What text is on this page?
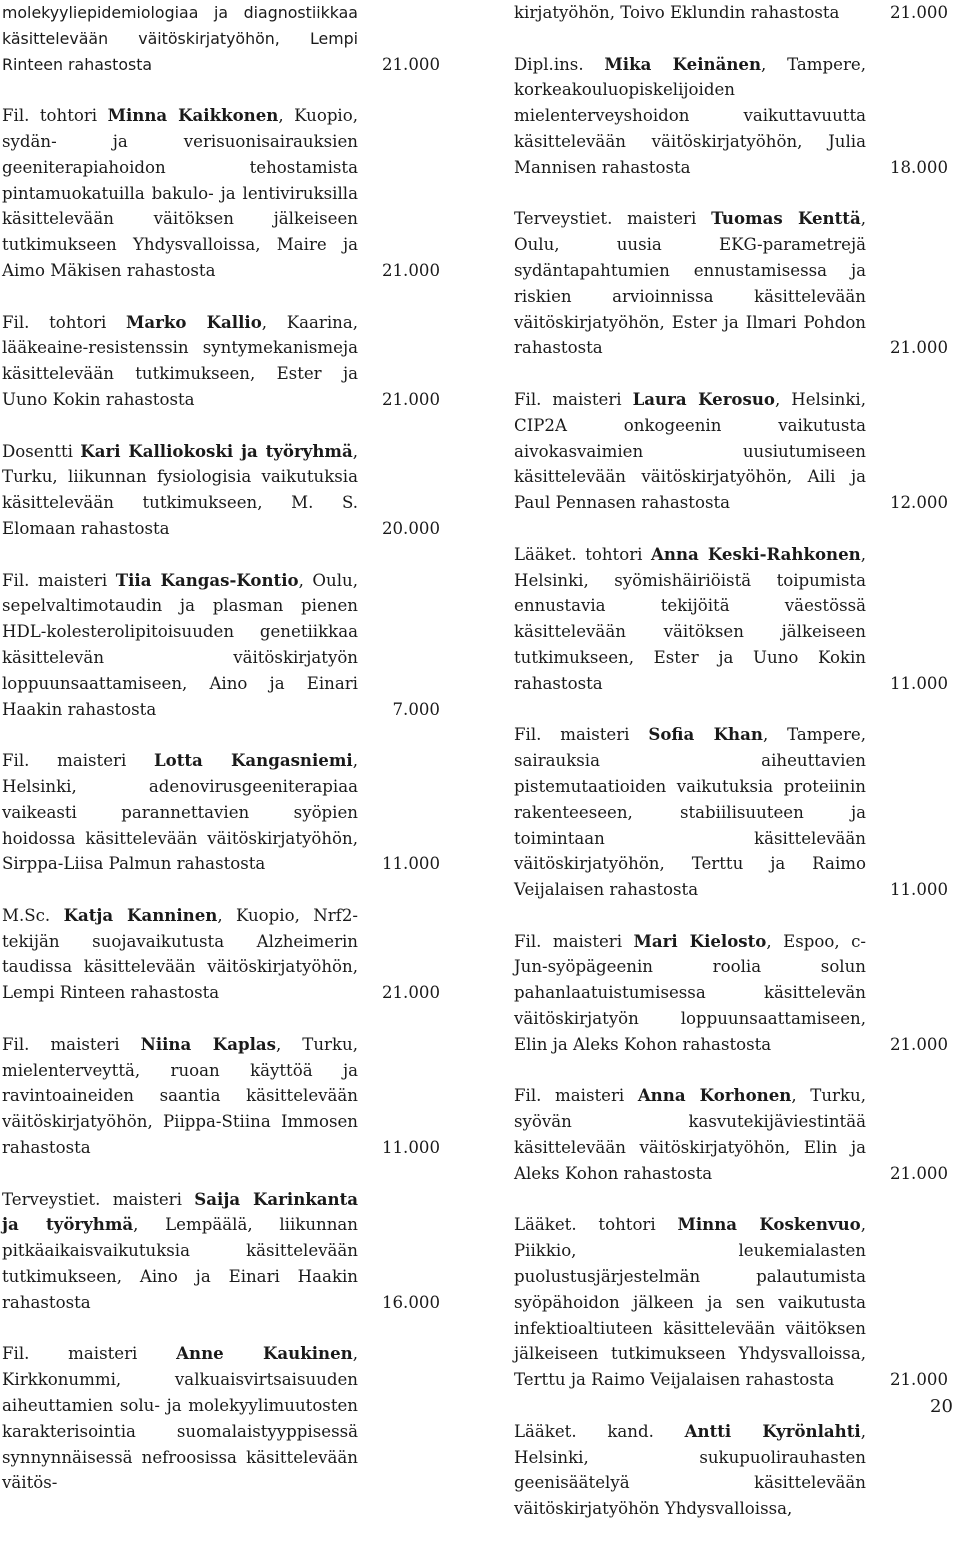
molekyyliepidemiologiaa ja diagnostiikkaa käsittelevään väitöskirjatyöhön, Lempi Rinteen rahastosta	21.000
Fil. tohtori Minna Kaikkonen, Kuopio, sydän- ja verisuonisairauksien geeniterapiahoidon tehostamista pintamuokatuilla bakulo- ja lentiviruksilla käsittelevään väitöksen jälkeiseen tutkimukseen Yhdysvalloissa, Maire ja Aimo Mäkisen rahastosta	21.000
Fil. tohtori Marko Kallio, Kaarina, lääkeaine-resistenssin syntymekanismeja käsittelevään tutkimukseen, Ester ja Uuno Kokin rahastosta	21.000
Dosentti Kari Kalliokoski ja työryhmä, Turku, liikunnan fysiologisia vaikutuksia käsittelevään tutkimukseen, M. S. Elomaan rahastosta	20.000
Fil. maisteri Tiia Kangas-Kontio, Oulu, sepelvaltimotaudin ja plasman pienen HDL-kolesterolipitoisuuden genetiikkaa käsittelevän väitöskirjatyön loppuunsaattamiseen, Aino ja Einari Haakin rahastosta	7.000
Fil. maisteri Lotta Kangasniemi, Helsinki, adenovirusgeeniterapiaa vaikeasti parannettavien syöpien hoidossa käsittelevään väitöskirjatyöhön, Sirppa-Liisa Palmun rahastosta	11.000
M.Sc. Katja Kanninen, Kuopio, Nrf2-tekijän suojavaikutusta Alzheimerin taudissa käsittelevään väitöskirjatyöhön, Lempi Rinteen rahastosta	21.000
Fil. maisteri Niina Kaplas, Turku, mielenterveyttä, ruoan käyttöä ja ravintoaineiden saantia käsittelevään väitöskirjatyöhön, Piippa-Stiina Immosen rahastosta	11.000
Terveystiet. maisteri Saija Karinkanta ja työryhmä, Lempäälä, liikunnan pitkäaikaisvaikutuksia käsittelevään tutkimukseen, Aino ja Einari Haakin rahastosta	16.000
Fil. maisteri Anne Kaukinen, Kirkkonummi, valkuaisvirtsaisuuden aiheuttamien solu- ja molekyylimuutosten karakterisointia suomalaistyyppisessä synnynnäisessä nefroosissa käsittelevään väitös-
kirjatyöhön, Toivo Eklundin rahastosta	21.000
Dipl.ins. Mika Keinänen, Tampere, korkeakouluopiskelijoiden mielenterveyshoidon vaikuttavuutta käsittelevään väitöskirjatyöhön, Julia Mannisen rahastosta	18.000
Terveystiet. maisteri Tuomas Kenttä, Oulu, uusia EKG-parametrejä sydäntapahtumien ennustamisessa ja riskien arvioinnissa käsittelevään väitöskirjatyöhön, Ester ja Ilmari Pohdon rahastosta	21.000
Fil. maisteri Laura Kerosuo, Helsinki, CIP2A onkogeenin vaikutusta aivokasvaimien uusiutumiseen käsittelevään väitöskirjatyöhön, Aili ja Paul Pennasen rahastosta	12.000
Lääket. tohtori Anna Keski-Rahkonen, Helsinki, syömishäiriöistä toipumista ennustavia tekijöitä väestössä käsittelevään väitöksen jälkeiseen tutkimukseen, Ester ja Uuno Kokin rahastosta	11.000
Fil. maisteri Sofia Khan, Tampere, sairauksia aiheuttavien pistemutaatioiden vaikutuksia proteiinin rakenteeseen, stabiilisuuteen ja toimintaan käsittelevään väitöskirjatyöhön, Terttu ja Raimo Veijalaisen rahastosta	11.000
Fil. maisteri Mari Kielosto, Espoo, c-Jun-syöpägeenin roolia solun pahanlaatuistumisessa käsittelevän väitöskirjatyön loppuunsaattamiseen, Elin ja Aleks Kohon rahastosta	21.000
Fil. maisteri Anna Korhonen, Turku, syövän kasvutekijäviestintää käsittelevään väitöskirjatyöhön, Elin ja Aleks Kohon rahastosta	21.000
Lääket. tohtori Minna Koskenvuo, Piikkio, leukemialasten puolustusjärjestelmän palautumista syöpähoidon jälkeen ja sen vaikutusta infektioaltiuteen käsittelevään väitöksen jälkeiseen tutkimukseen Yhdysvalloissa, Terttu ja Raimo Veijalaisen rahastosta	21.000
Lääket. kand. Antti Kyrönlahti, Helsinki, sukupuolirauhasten geenisäätelyä käsittelevään väitöskirjatyöhön Yhdysvalloissa,
20
